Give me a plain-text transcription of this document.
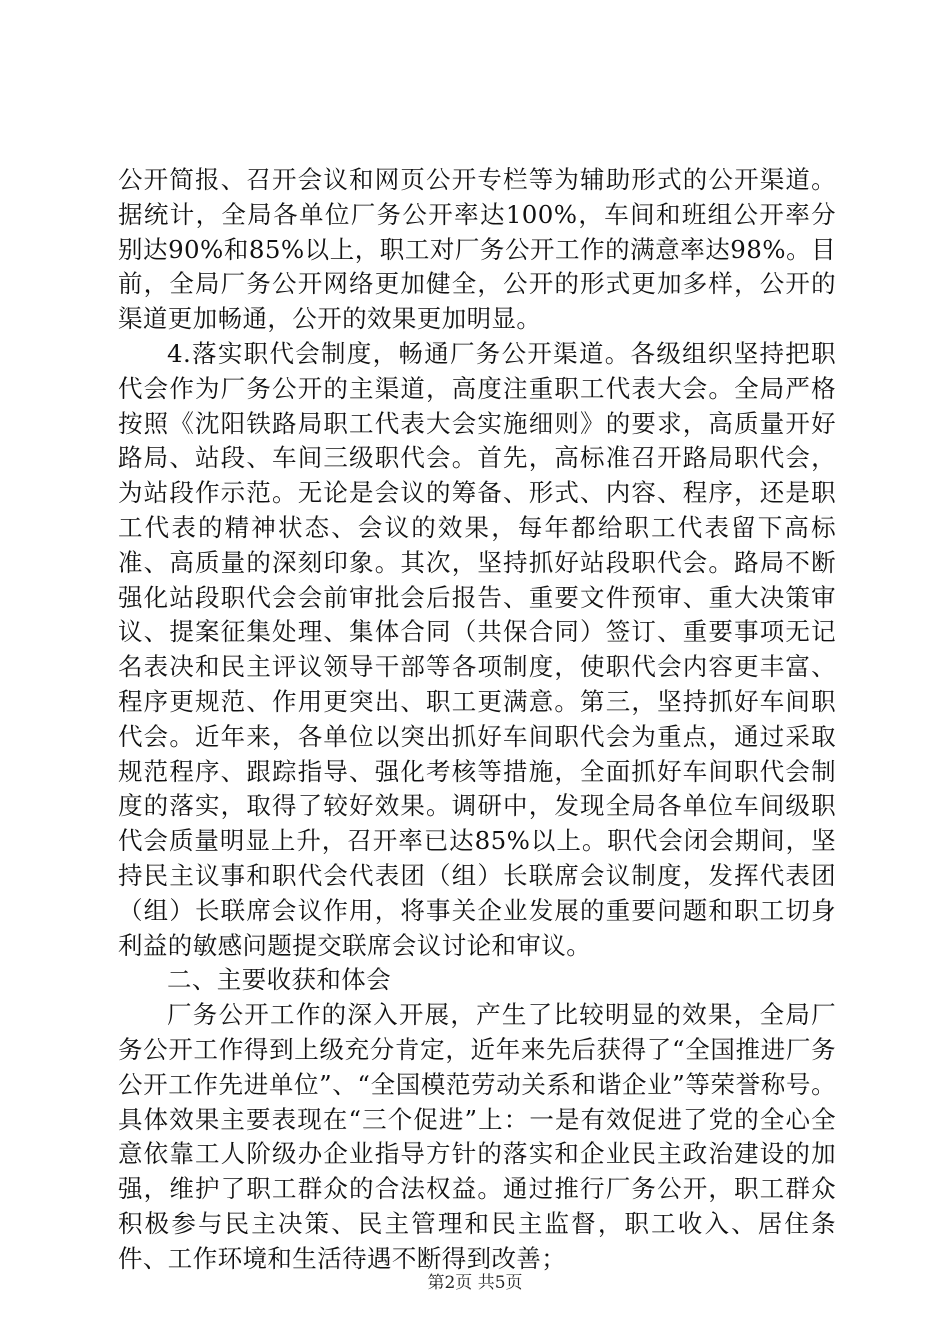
公开简报、召开会议和网页公开专栏等为辅助形式的公开渠道。据统计，全局各单位厂务公开率达100%，车间和班组公开率分别达90%和85%以上，职工对厂务公开工作的满意率达98%。目前，全局厂务公开网络更加健全，公开的形式更加多样，公开的渠道更加畅通，公开的效果更加明显。

4.落实职代会制度，畅通厂务公开渠道。各级组织坚持把职代会作为厂务公开的主渠道，高度注重职工代表大会。全局严格按照《沈阳铁路局职工代表大会实施细则》的要求，高质量开好路局、站段、车间三级职代会。首先，高标准召开路局职代会，为站段作示范。无论是会议的筹备、形式、内容、程序，还是职工代表的精神状态、会议的效果，每年都给职工代表留下高标准、高质量的深刻印象。其次，坚持抓好站段职代会。路局不断强化站段职代会会前审批会后报告、重要文件预审、重大决策审议、提案征集处理、集体合同（共保合同）签订、重要事项无记名表决和民主评议领导干部等各项制度，使职代会内容更丰富、程序更规范、作用更突出、职工更满意。第三，坚持抓好车间职代会。近年来，各单位以突出抓好车间职代会为重点，通过采取规范程序、跟踪指导、强化考核等措施，全面抓好车间职代会制度的落实，取得了较好效果。调研中，发现全局各单位车间级职代会质量明显上升，召开率已达85%以上。职代会闭会期间，坚持民主议事和职代会代表团（组）长联席会议制度，发挥代表团（组）长联席会议作用，将事关企业发展的重要问题和职工切身利益的敏感问题提交联席会议讨论和审议。

二、主要收获和体会

厂务公开工作的深入开展，产生了比较明显的效果，全局厂务公开工作得到上级充分肯定，近年来先后获得了“全国推进厂务公开工作先进单位”、“全国模范劳动关系和谐企业”等荣誉称号。具体效果主要表现在“三个促进”上：一是有效促进了党的全心全意依靠工人阶级办企业指导方针的落实和企业民主政治建设的加强，维护了职工群众的合法权益。通过推行厂务公开，职工群众积极参与民主决策、民主管理和民主监督，职工收入、居住条件、工作环境和生活待遇不断得到改善；

第2页 共5页
